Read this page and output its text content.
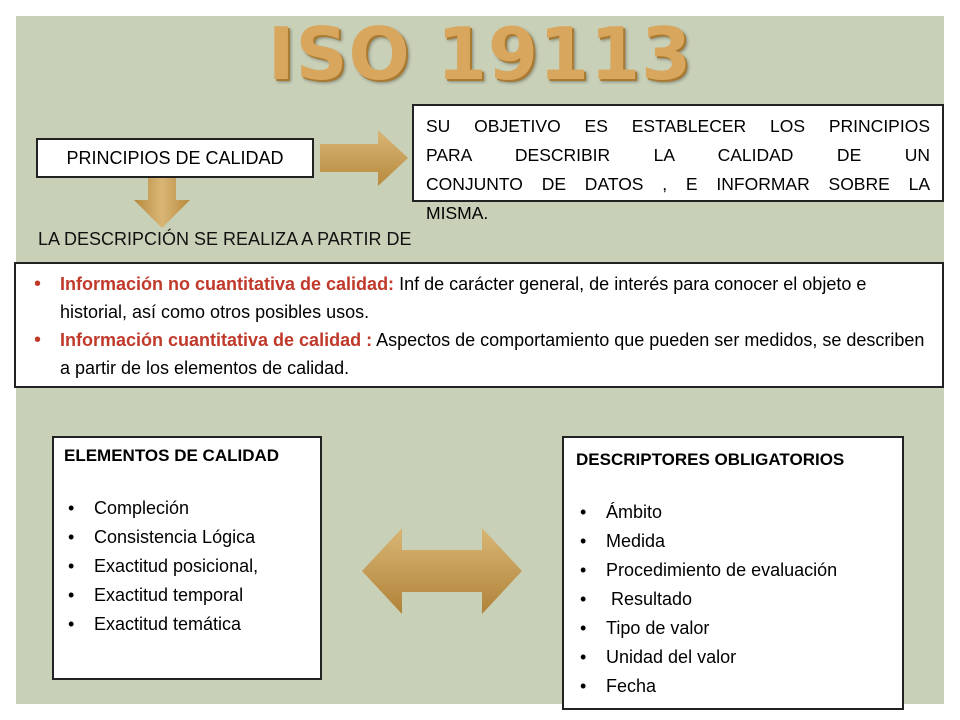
ISO 19113
PRINCIPIOS DE CALIDAD
SU OBJETIVO ES ESTABLECER LOS PRINCIPIOS
PARA DESCRIBIR LA CALIDAD DE UN
CONJUNTO DE DATOS , E INFORMAR SOBRE LA
MISMA.
LA DESCRIPCIÓN SE REALIZA A PARTIR DE
• Información no cuantitativa de calidad: Inf de carácter general, de interés para conocer el objeto e historial, así como otros posibles usos.
• Información cuantitativa de calidad : Aspectos de comportamiento que pueden ser medidos, se describen a partir de los elementos de calidad.
ELEMENTOS DE CALIDAD
• Compleción
• Consistencia Lógica
• Exactitud posicional,
• Exactitud temporal
• Exactitud temática
DESCRIPTORES OBLIGATORIOS
• Ámbito
• Medida
• Procedimiento de evaluación
•  Resultado
• Tipo de valor
• Unidad del valor
• Fecha
